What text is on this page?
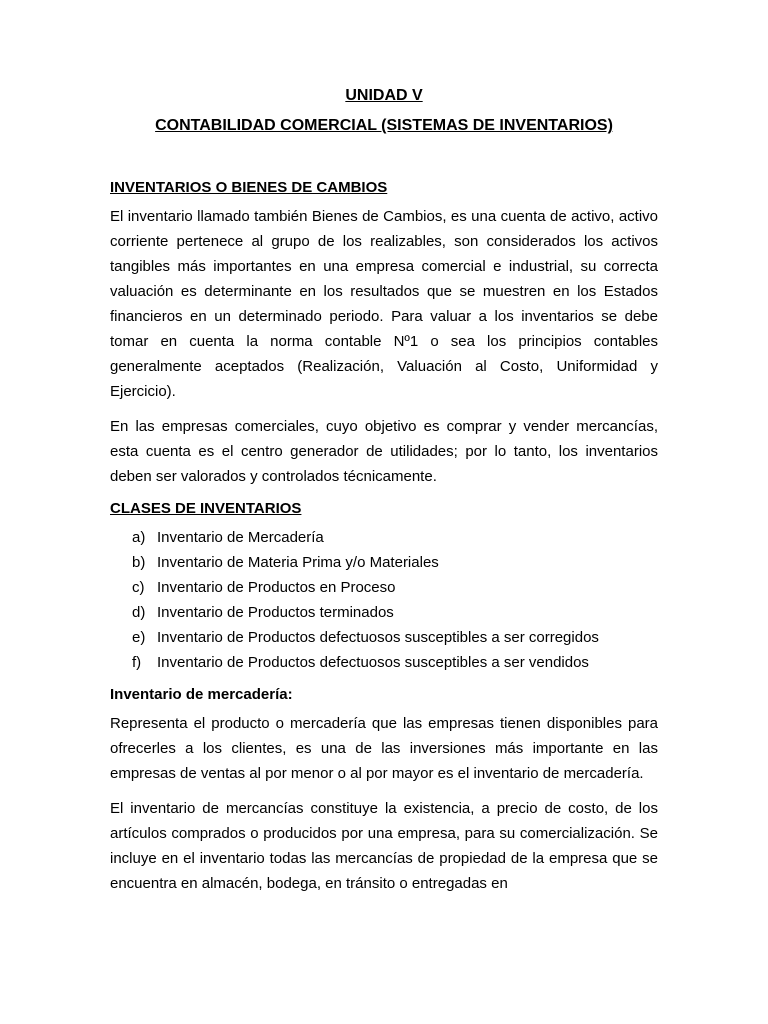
UNIDAD V
CONTABILIDAD COMERCIAL (SISTEMAS DE INVENTARIOS)
INVENTARIOS O BIENES DE CAMBIOS

El inventario llamado también Bienes de Cambios, es una cuenta de activo, activo corriente pertenece al grupo de los realizables, son considerados los activos tangibles más importantes en una empresa comercial e industrial, su correcta valuación es determinante en los resultados que se muestren en los Estados financieros en un determinado periodo. Para valuar a los inventarios se debe tomar en cuenta la norma contable Nº1 o sea los principios contables generalmente aceptados (Realización, Valuación al Costo, Uniformidad y Ejercicio).

En las empresas comerciales, cuyo objetivo es comprar y vender mercancías, esta cuenta es el centro generador de utilidades; por lo tanto, los inventarios deben ser valorados y controlados técnicamente.

CLASES DE INVENTARIOS
a) Inventario de Mercadería
b) Inventario de Materia Prima y/o Materiales
c) Inventario de Productos en Proceso
d) Inventario de Productos terminados
e) Inventario de Productos defectuosos susceptibles a ser corregidos
f)	Inventario de Productos defectuosos susceptibles a ser vendidos
Inventario de mercadería:

Representa el producto o mercadería que las empresas tienen disponibles para ofrecerles a los clientes, es una de las inversiones más importante en las empresas de ventas al por menor o al por mayor es el inventario de mercadería.

El inventario de mercancías constituye la existencia, a precio de costo, de los artículos comprados o producidos por una empresa, para su comercialización. Se incluye en el inventario todas las mercancías de propiedad de la empresa que se encuentra en almacén, bodega, en tránsito o entregadas en
